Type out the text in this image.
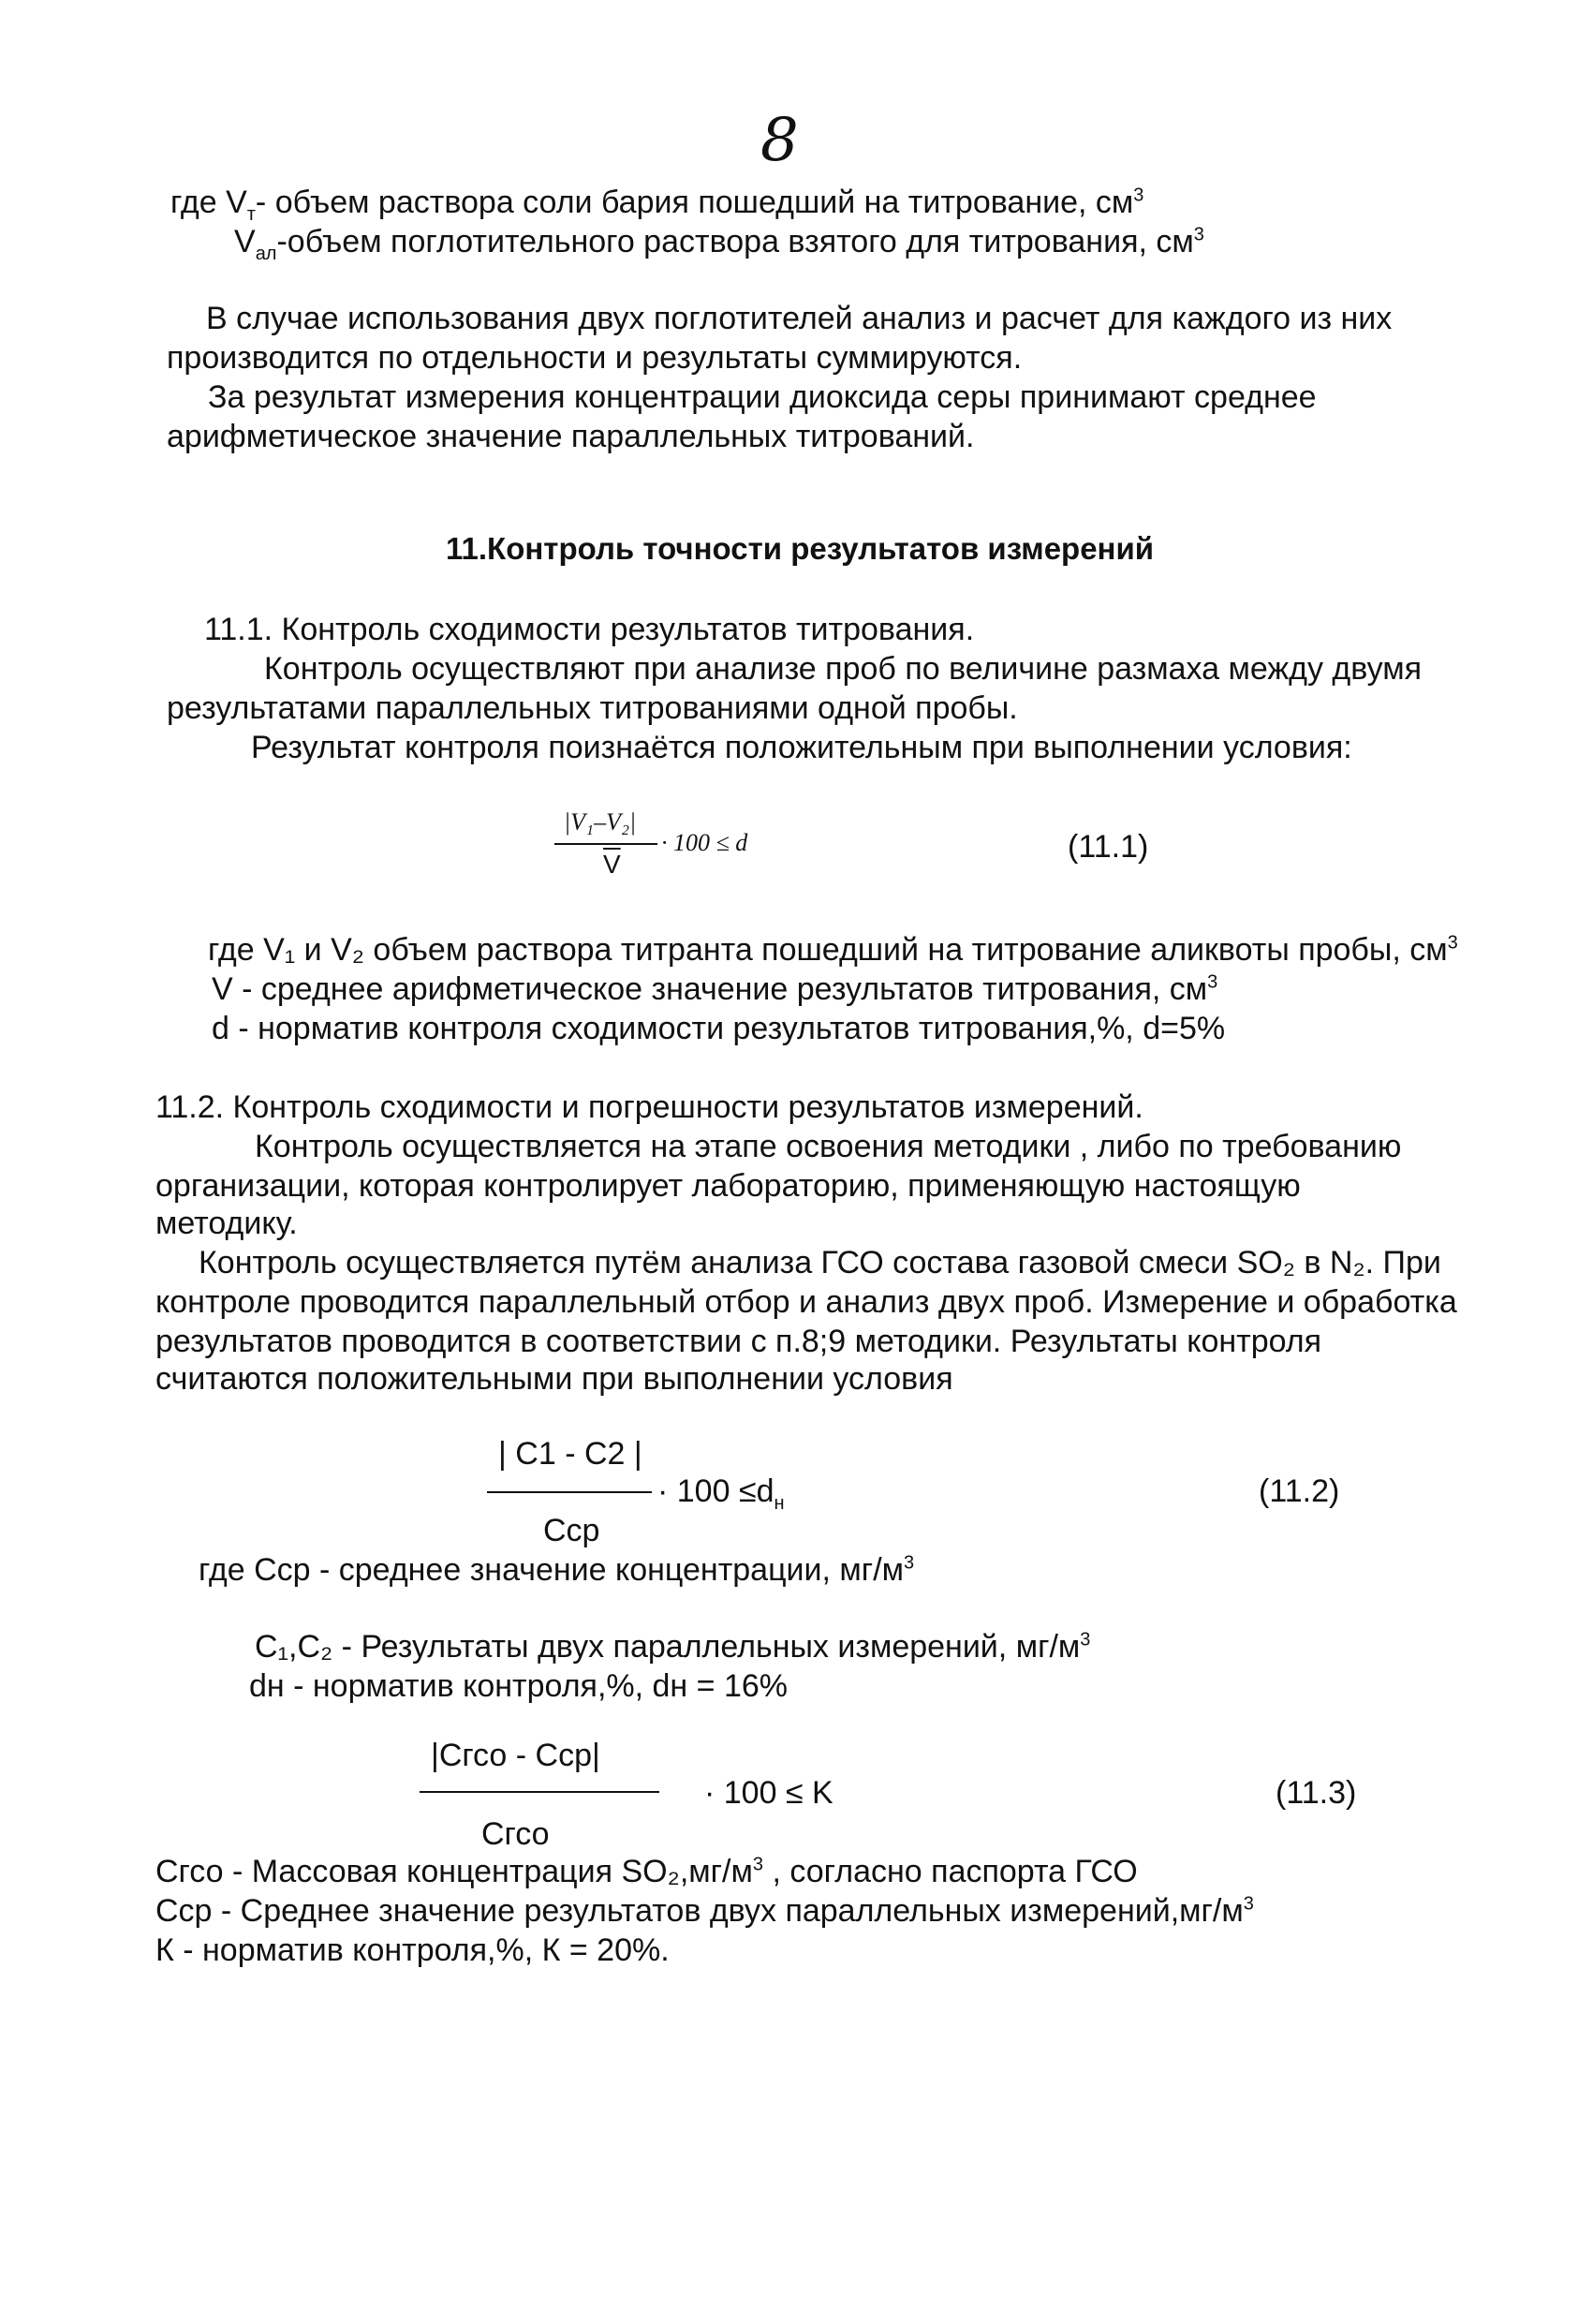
8
где $V_т-$ объем раствора соли бария пошедший на титрование, $см^3$
$V_{ал}$-объем поглотительного раствора взятого для титрования, $см^3$
В случае использования двух поглотителей анализ и расчет для каждого из них
производится по отдельности и результаты суммируются.
За результат измерения концентрации диоксида серы принимают среднее
арифметическое значение параллельных титрований.
11.Контроль точности результатов измерений
11.1. Контроль сходимости результатов титрования.
Контроль осуществляют при анализе проб по величине размаха между двумя
результатами параллельных титрованиями одной пробы.
Результат контроля поизнаётся положительным при выполнении условия:
|V₁–V₂|
· 100 ≤ d
$\overline{V}$	(11.1)
где V₁ и V₂ объем раствора титранта пошедший на титрование аликвоты пробы, $см^3$
V - среднее арифметическое значение результатов титрования, $см^3$
d - норматив контроля сходимости результатов титрования,%, d=5%
11.2. Контроль сходимости и погрешности результатов измерений.
Контроль осуществляется на этапе освоения методики , либо по требованию
организации, которая контролирует лабораторию, применяющую настоящую
методику.
Контроль осуществляется путём анализа ГСО состава газовой смеси SO₂ в N₂. При
контроле проводится параллельный отбор и анализ двух проб. Измерение и обработка
результатов проводится в соответствии с п.8;9 методики. Результаты контроля
считаются положительными при выполнении условия
| C1 - C2 |
· $100 \le d_н$
Сср
(11.2)
где Сср - среднее значение концентрации, $мг/м^3$
C₁,C₂ - Результаты двух параллельных измерений, $мг/м^3$
dн - норматив контроля,%, dн = 16%
|Сгсо - Сср|
· 100 ≤ K
Сгсо
(11.3)
Сгсо - Массовая концентрация $SO_2,мг/м^3$ , согласно паспорта ГСО
Сср - Среднее значение результатов двух параллельных $измерений,мг/м^3$
К - норматив контроля,%, К = 20%.
